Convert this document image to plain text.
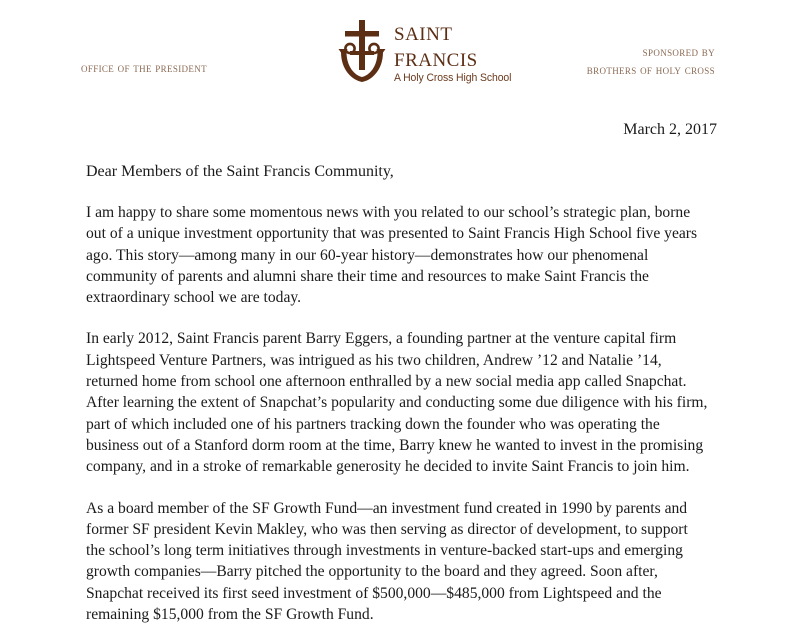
office of the president
saint
francis
A Holy Cross High School
sponsored by
brothers of holy cross
March 2, 2017
Dear Members of the Saint Francis Community,

I am happy to share some momentous news with you related to our school’s strategic plan, borne out of a unique investment opportunity that was presented to Saint Francis High School five years ago. This story—among many in our 60-year history—demonstrates how our phenomenal community of parents and alumni share their time and resources to make Saint Francis the extraordinary school we are today.

In early 2012, Saint Francis parent Barry Eggers, a founding partner at the venture capital firm Lightspeed Venture Partners, was intrigued as his two children, Andrew ’12 and Natalie ’14, returned home from school one afternoon enthralled by a new social media app called Snapchat. After learning the extent of Snapchat’s popularity and conducting some due diligence with his firm, part of which included one of his partners tracking down the founder who was operating the business out of a Stanford dorm room at the time, Barry knew he wanted to invest in the promising company, and in a stroke of remarkable generosity he decided to invite Saint Francis to join him.

As a board member of the SF Growth Fund—an investment fund created in 1990 by parents and former SF president Kevin Makley, who was then serving as director of development, to support the school’s long term initiatives through investments in venture-backed start-ups and emerging growth companies—Barry pitched the opportunity to the board and they agreed. Soon after, Snapchat received its first seed investment of $500,000—$485,000 from Lightspeed and the remaining $15,000 from the SF Growth Fund.
